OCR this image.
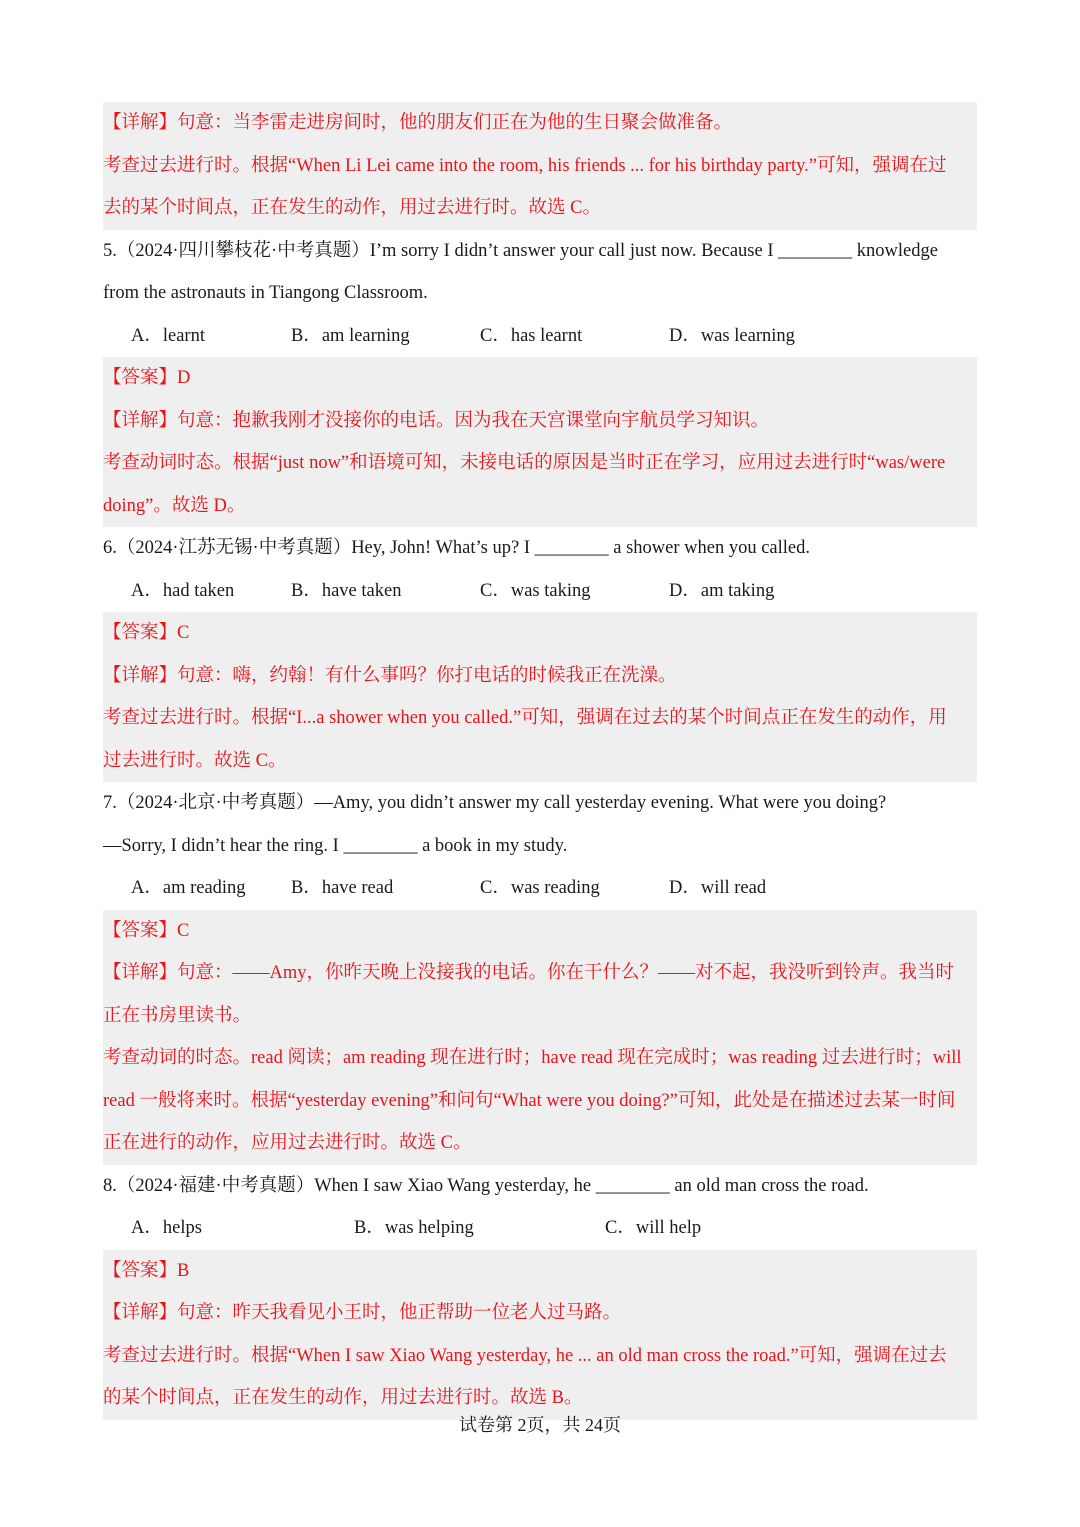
【详解】句意：当李雷走进房间时，他的朋友们正在为他的生日聚会做准备。
考查过去进行时。根据“When Li Lei came into the room, his friends ... for his birthday party.”可知，强调在过
去的某个时间点，正在发生的动作，用过去进行时。故选 C。
5.（2024·四川攀枝花·中考真题）I’m sorry I didn’t answer your call just now. Because I ________ knowledge
from the astronauts in Tiangong Classroom.
A．learnt	B．am learning	C．has learnt	D．was learning
【答案】D
【详解】句意：抱歉我刚才没接你的电话。因为我在天宫课堂向宇航员学习知识。
考查动词时态。根据“just now”和语境可知，未接电话的原因是当时正在学习，应用过去进行时“was/were
doing”。故选 D。
6.（2024·江苏无锡·中考真题）Hey, John! What’s up? I ________ a shower when you called.
A．had taken	B．have taken	C．was taking	D．am taking
【答案】C
【详解】句意：嗨，约翰！有什么事吗？你打电话的时候我正在洗澡。
考查过去进行时。根据“I...a shower when you called.”可知，强调在过去的某个时间点正在发生的动作，用
过去进行时。故选 C。
7.（2024·北京·中考真题）—Amy, you didn’t answer my call yesterday evening. What were you doing?
—Sorry, I didn’t hear the ring. I ________ a book in my study.
A．am reading B．have read	C．was reading	D．will read
【答案】C
【详解】句意：——Amy，你昨天晚上没接我的电话。你在干什么？——对不起，我没听到铃声。我当时
正在书房里读书。
考查动词的时态。read 阅读；am reading 现在进行时；have read 现在完成时；was reading 过去进行时；will
read 一般将来时。根据“yesterday evening”和问句“What were you doing?”可知，此处是在描述过去某一时间
正在进行的动作，应用过去进行时。故选 C。
8.（2024·福建·中考真题）When I saw Xiao Wang yesterday, he ________ an old man cross the road.
A．helps	B．was helping	C．will help
【答案】B
【详解】句意：昨天我看见小王时，他正帮助一位老人过马路。
考查过去进行时。根据“When I saw Xiao Wang yesterday, he ... an old man cross the road.”可知，强调在过去
的某个时间点，正在发生的动作，用过去进行时。故选 B。
试卷第 2页，共 24页
